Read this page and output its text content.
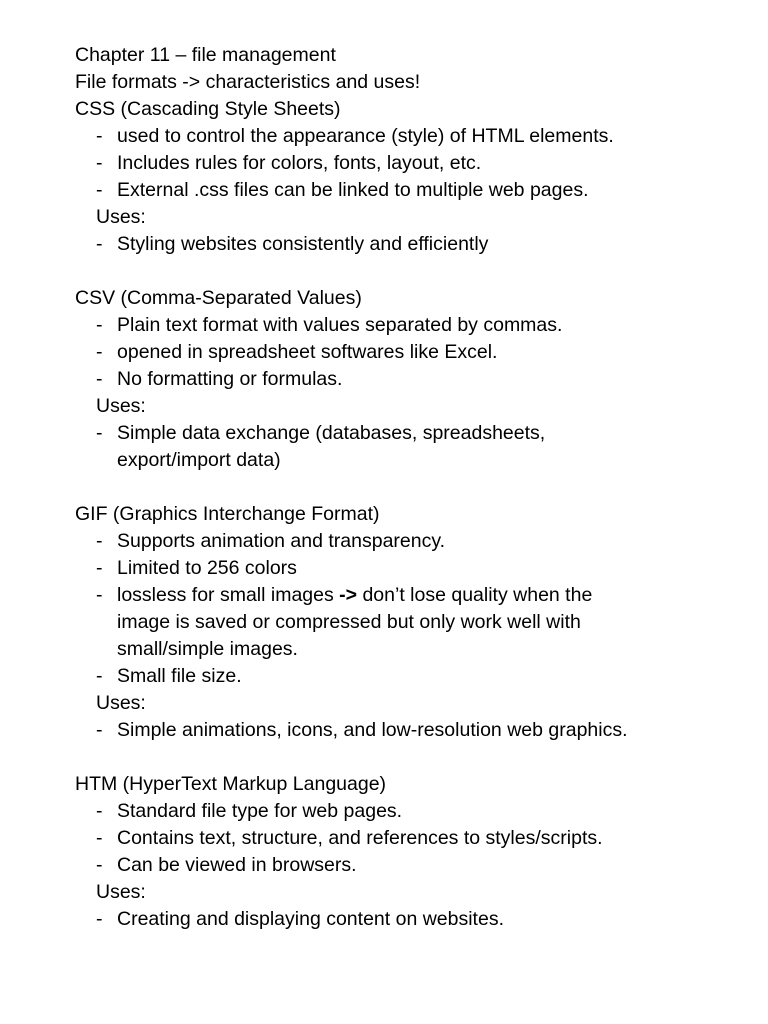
Chapter 11 – file management
File formats -> characteristics and uses!
CSS (Cascading Style Sheets)
- used to control the appearance (style) of HTML elements.
- Includes rules for colors, fonts, layout, etc.
- External .css files can be linked to multiple web pages.
Uses:
- Styling websites consistently and efficiently
CSV (Comma-Separated Values)
- Plain text format with values separated by commas.
- opened in spreadsheet softwares like Excel.
- No formatting or formulas.
Uses:
- Simple data exchange (databases, spreadsheets,
export/import data)
GIF (Graphics Interchange Format)
- Supports animation and transparency.
- Limited to 256 colors
- lossless for small images -> don’t lose quality when the
image is saved or compressed but only work well with
small/simple images.
- Small file size.
Uses:
- Simple animations, icons, and low-resolution web graphics.
HTM (HyperText Markup Language)
- Standard file type for web pages.
- Contains text, structure, and references to styles/scripts.
- Can be viewed in browsers.
Uses:
- Creating and displaying content on websites.
